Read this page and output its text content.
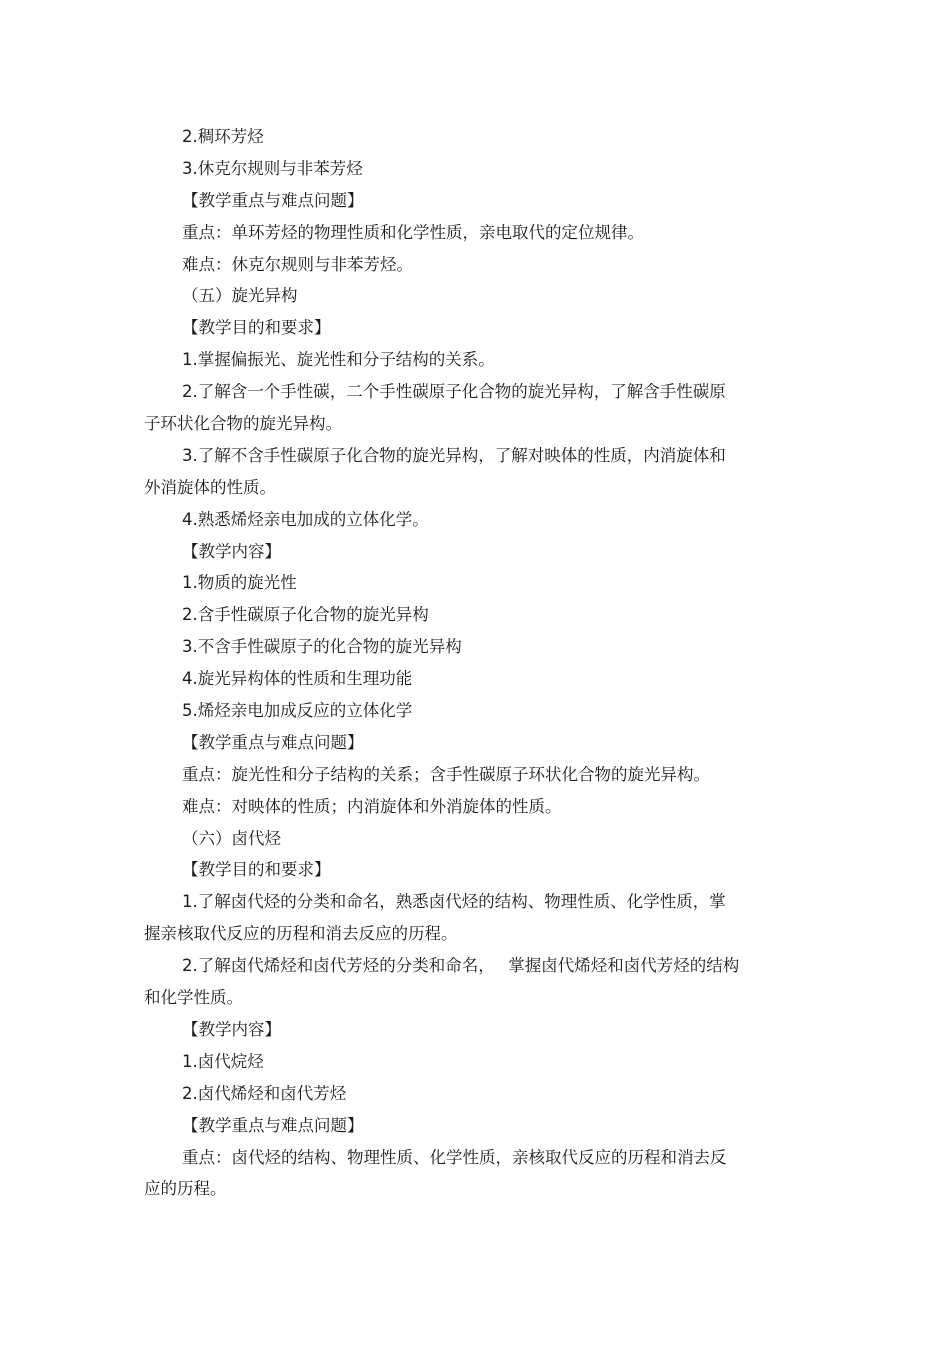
2.稠环芳烃
3.休克尔规则与非苯芳烃
【教学重点与难点问题】
重点：单环芳烃的物理性质和化学性质，亲电取代的定位规律。
难点：休克尔规则与非苯芳烃。
（五）旋光异构
【教学目的和要求】
1.掌握偏振光、旋光性和分子结构的关系。
2.了解含一个手性碳，二个手性碳原子化合物的旋光异构，了解含手性碳原
子环状化合物的旋光异构。
3.了解不含手性碳原子化合物的旋光异构，了解对映体的性质，内消旋体和
外消旋体的性质。
4.熟悉烯烃亲电加成的立体化学。
【教学内容】
1.物质的旋光性
2.含手性碳原子化合物的旋光异构
3.不含手性碳原子的化合物的旋光异构
4.旋光异构体的性质和生理功能
5.烯烃亲电加成反应的立体化学
【教学重点与难点问题】
重点：旋光性和分子结构的关系；含手性碳原子环状化合物的旋光异构。
难点：对映体的性质；内消旋体和外消旋体的性质。
（六）卤代烃
【教学目的和要求】
1.了解卤代烃的分类和命名，熟悉卤代烃的结构、物理性质、化学性质，掌
握亲核取代反应的历程和消去反应的历程。
2.了解卤代烯烃和卤代芳烃的分类和命名，　 掌握卤代烯烃和卤代芳烃的结构
和化学性质。
【教学内容】
1.卤代烷烃
2.卤代烯烃和卤代芳烃
【教学重点与难点问题】
重点：卤代烃的结构、物理性质、化学性质，亲核取代反应的历程和消去反
应的历程。
